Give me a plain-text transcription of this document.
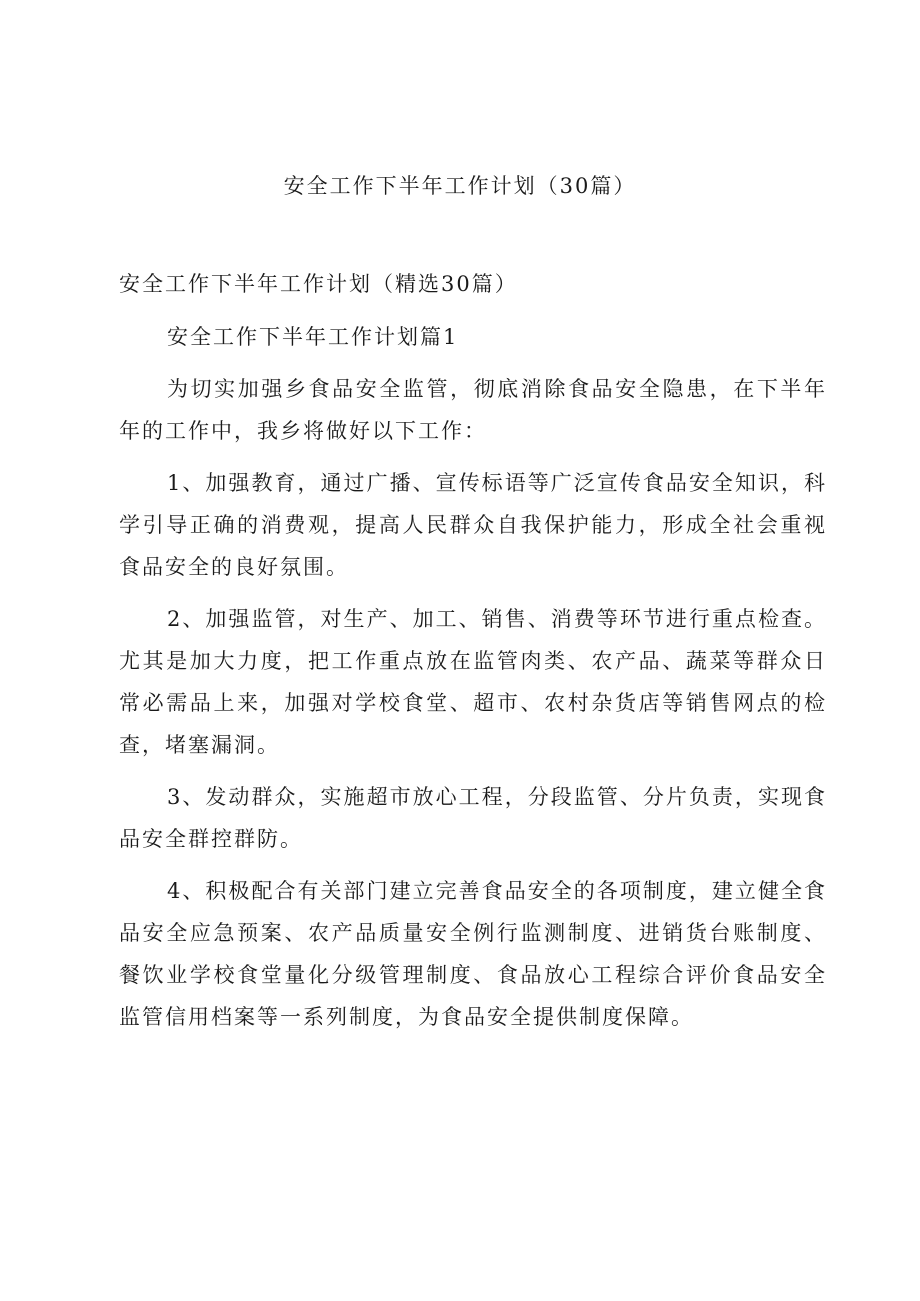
安全工作下半年工作计划（30篇）

安全工作下半年工作计划（精选30篇）

安全工作下半年工作计划篇1

为切实加强乡食品安全监管，彻底消除食品安全隐患，在下半年年的工作中，我乡将做好以下工作：

1、加强教育，通过广播、宣传标语等广泛宣传食品安全知识，科学引导正确的消费观，提高人民群众自我保护能力，形成全社会重视食品安全的良好氛围。

2、加强监管，对生产、加工、销售、消费等环节进行重点检查。尤其是加大力度，把工作重点放在监管肉类、农产品、蔬菜等群众日常必需品上来，加强对学校食堂、超市、农村杂货店等销售网点的检查，堵塞漏洞。

3、发动群众，实施超市放心工程，分段监管、分片负责，实现食品安全群控群防。

4、积极配合有关部门建立完善食品安全的各项制度，建立健全食品安全应急预案、农产品质量安全例行监测制度、进销货台账制度、餐饮业学校食堂量化分级管理制度、食品放心工程综合评价食品安全监管信用档案等一系列制度，为食品安全提供制度保障。
